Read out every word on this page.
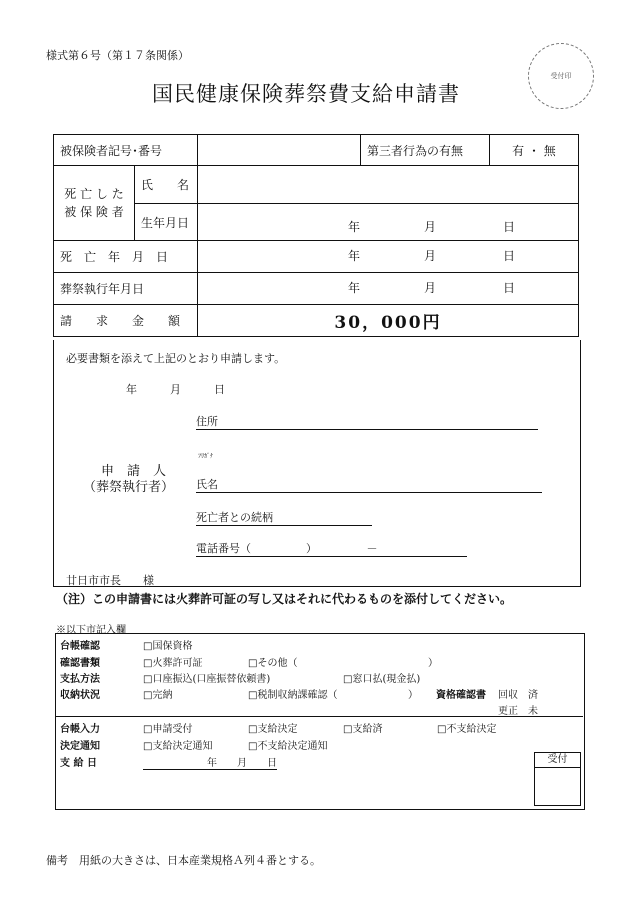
様式第６号（第１７条関係）
国民健康保険葬祭費支給申請書
受付印
被保険者記号･番号			第三者行為の有無	有 ・ 無

死 亡 し た
被 保 険 者	氏　　名			
	生年月日	年 月 日		

死　亡　年　月　日		年 月 日		

葬祭執行年月日		年 月 日		

請　　求　　金　　額		30，000円		
必要書類を添えて上記のとおり申請します。
年　　　月　　　日
住所
ﾌﾘｶﾞﾅ
申　請　人
（葬祭執行者） 氏名
死亡者との続柄
電話番号（　　　　　）　　　　　－
廿日市市長　　様
（注）この申請書には火葬許可証の写し又はそれに代わるものを添付してください。
※以下市記入欄
台帳確認	□国保資格
確認書類	□火葬許可証	□その他（	）
支払方法	□口座振込(口座振替依頼書)	□窓口払(現金払)
収納状況	□完納	□税制収納課確認（	） 資格確認書 回収　済
更正　未
台帳入力	□申請受付	□支給決定	□支給済	□不支給決定
決定通知	□支給決定通知	□不支給決定通知
支 給 日	年　　月　　日	受付
備考　用紙の大きさは、日本産業規格Ａ列４番とする。
